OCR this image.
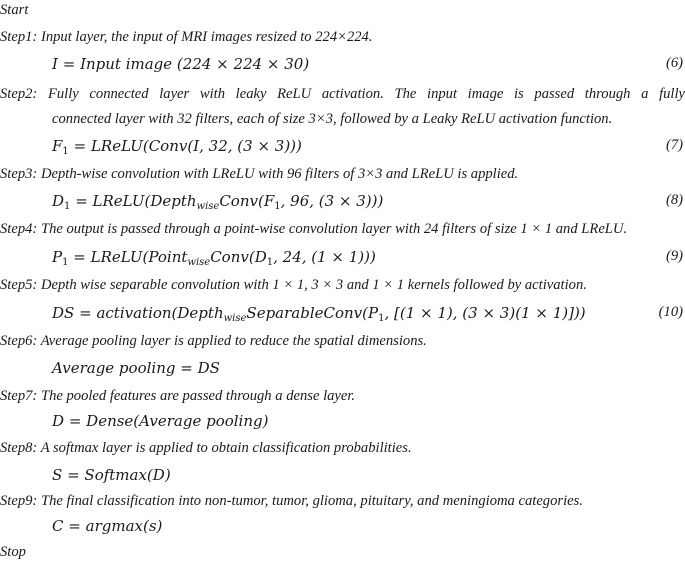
Start
Step1: Input layer, the input of MRI images resized to 224×224.
I = Input image (224 × 224 × 30)	(6)
Step2: Fully connected layer with leaky ReLU activation. The input image is passed through a fully
connected layer with 32 filters, each of size 3×3, followed by a Leaky ReLU activation function.
$F_1$ = LReLU(Conv(I, 32, (3 × 3)))	(7)
Step3: Depth-wise convolution with LReLU with 96 filters of 3×3 and LReLU is applied.
$D_1$ = $LReLU(Depth_{wise}Conv(F_1$, 96, (3 × 3)))	(8)
Step4: The output is passed through a point-wise convolution layer with 24 filters of size 1 × 1 and LReLU.
$P_1$ = $LReLU(Point_{wise}Conv(D_1$, 24, (1 × 1)))	(9)
Step5: Depth wise separable convolution with 1 × 1, 3 × 3 and 1 × 1 kernels followed by activation.
DS = $activation(Depth_{wise}SeparableConv(P_1$, [(1 × 1), (3 × 3)(1 × 1)]))	(10)
Step6: Average pooling layer is applied to reduce the spatial dimensions.
Average pooling = DS
Step7: The pooled features are passed through a dense layer.
D = Dense(Average pooling)
Step8: A softmax layer is applied to obtain classification probabilities.
S = Softmax(D)
Step9: The final classification into non-tumor, tumor, glioma, pituitary, and meningioma categories.
C = argmax(s)
Stop
